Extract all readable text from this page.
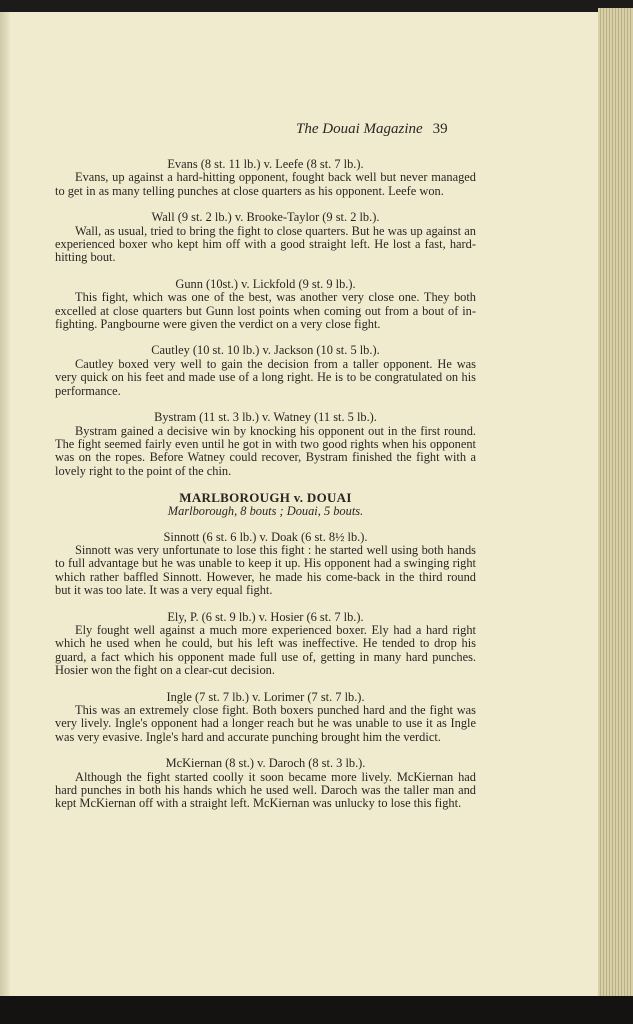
The Douai Magazine 39
Evans (8 st. 11 lb.) v. Leefe (8 st. 7 lb.).
Evans, up against a hard-hitting opponent, fought back well but never managed to get in as many telling punches at close quarters as his opponent. Leefe won.
Wall (9 st. 2 lb.) v. Brooke-Taylor (9 st. 2 lb.).
Wall, as usual, tried to bring the fight to close quarters. But he was up against an experienced boxer who kept him off with a good straight left. He lost a fast, hard-hitting bout.
Gunn (10st.) v. Lickfold (9 st. 9 lb.).
This fight, which was one of the best, was another very close one. They both excelled at close quarters but Gunn lost points when coming out from a bout of in-fighting. Pangbourne were given the verdict on a very close fight.
Cautley (10 st. 10 lb.) v. Jackson (10 st. 5 lb.).
Cautley boxed very well to gain the decision from a taller opponent. He was very quick on his feet and made use of a long right. He is to be congratulated on his performance.
Bystram (11 st. 3 lb.) v. Watney (11 st. 5 lb.).
Bystram gained a decisive win by knocking his opponent out in the first round. The fight seemed fairly even until he got in with two good rights when his opponent was on the ropes. Before Watney could recover, Bystram finished the fight with a lovely right to the point of the chin.
MARLBOROUGH v. DOUAI
Marlborough, 8 bouts ; Douai, 5 bouts.
Sinnott (6 st. 6 lb.) v. Doak (6 st. 8½ lb.).
Sinnott was very unfortunate to lose this fight : he started well using both hands to full advantage but he was unable to keep it up. His opponent had a swinging right which rather baffled Sinnott. However, he made his come-back in the third round but it was too late. It was a very equal fight.
Ely, P. (6 st. 9 lb.) v. Hosier (6 st. 7 lb.).
Ely fought well against a much more experienced boxer. Ely had a hard right which he used when he could, but his left was ineffective. He tended to drop his guard, a fact which his opponent made full use of, getting in many hard punches. Hosier won the fight on a clear-cut decision.
Ingle (7 st. 7 lb.) v. Lorimer (7 st. 7 lb.).
This was an extremely close fight. Both boxers punched hard and the fight was very lively. Ingle's opponent had a longer reach but he was unable to use it as Ingle was very evasive. Ingle's hard and accurate punching brought him the verdict.
McKiernan (8 st.) v. Daroch (8 st. 3 lb.).
Although the fight started coolly it soon became more lively. McKiernan had hard punches in both his hands which he used well. Daroch was the taller man and kept McKiernan off with a straight left. McKiernan was unlucky to lose this fight.
